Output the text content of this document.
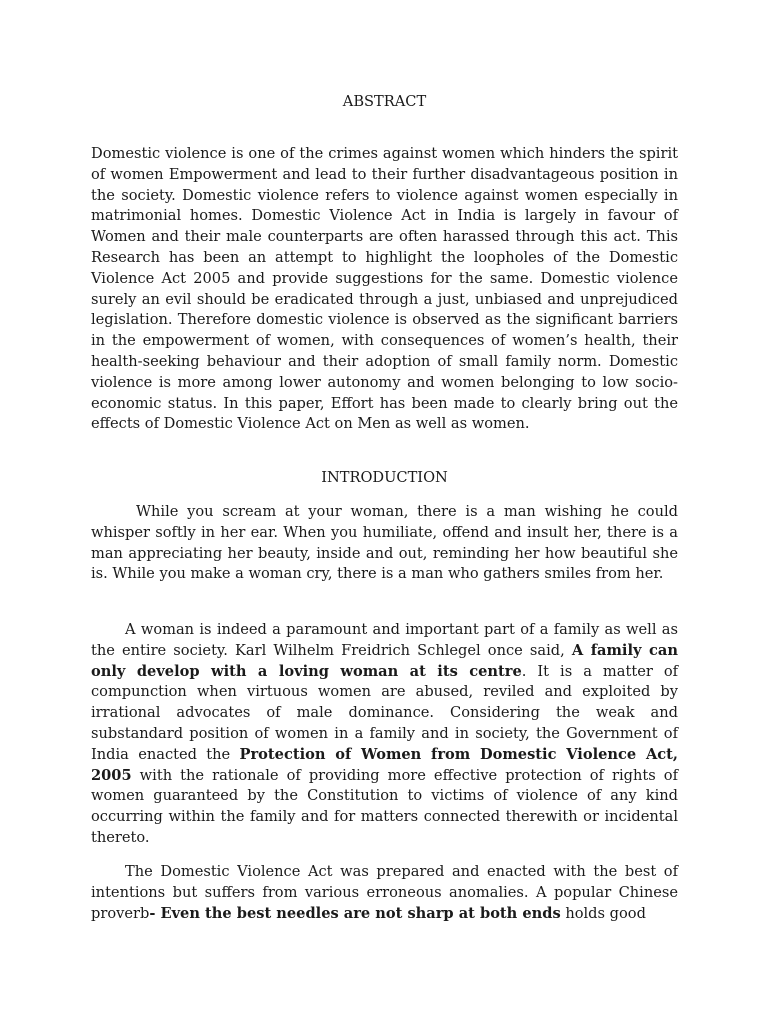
ABSTRACT

Domestic violence is one of the crimes against women which hinders the spirit of women Empowerment and lead to their further disadvantageous position in the society. Domestic violence refers to violence against women especially in matrimonial homes. Domestic Violence Act in India is largely in favour of Women and their male counterparts are often harassed through this act. This Research has been an attempt to highlight the loopholes of the Domestic Violence Act 2005 and provide suggestions for the same. Domestic violence surely an evil should be eradicated through a just, unbiased and unprejudiced legislation. Therefore domestic violence is observed as the significant barriers in the empowerment of women, with consequences of women’s health, their health-seeking behaviour and their adoption of small family norm. Domestic violence is more among lower autonomy and women belonging to low socio-economic status. In this paper, Effort has been made to clearly bring out the effects of Domestic Violence Act on Men as well as women.

INTRODUCTION

While you scream at your woman, there is a man wishing he could whisper softly in her ear. When you humiliate, offend and insult her, there is a man appreciating her beauty, inside and out, reminding her how beautiful she is. While you make a woman cry, there is a man who gathers smiles from her.

A woman is indeed a paramount and important part of a family as well as the entire society. Karl Wilhelm Freidrich Schlegel once said, A family can only develop with a loving woman at its centre. It is a matter of compunction when virtuous women are abused, reviled and exploited by irrational advocates of male dominance. Considering the weak and substandard position of women in a family and in society, the Government of India enacted the Protection of Women from Domestic Violence Act, 2005 with the rationale of providing more effective protection of rights of women guaranteed by the Constitution to victims of violence of any kind occurring within the family and for matters connected therewith or incidental thereto.

The Domestic Violence Act was prepared and enacted with the best of intentions but suffers from various erroneous anomalies. A popular Chinese proverb- Even the best needles are not sharp at both ends holds good
